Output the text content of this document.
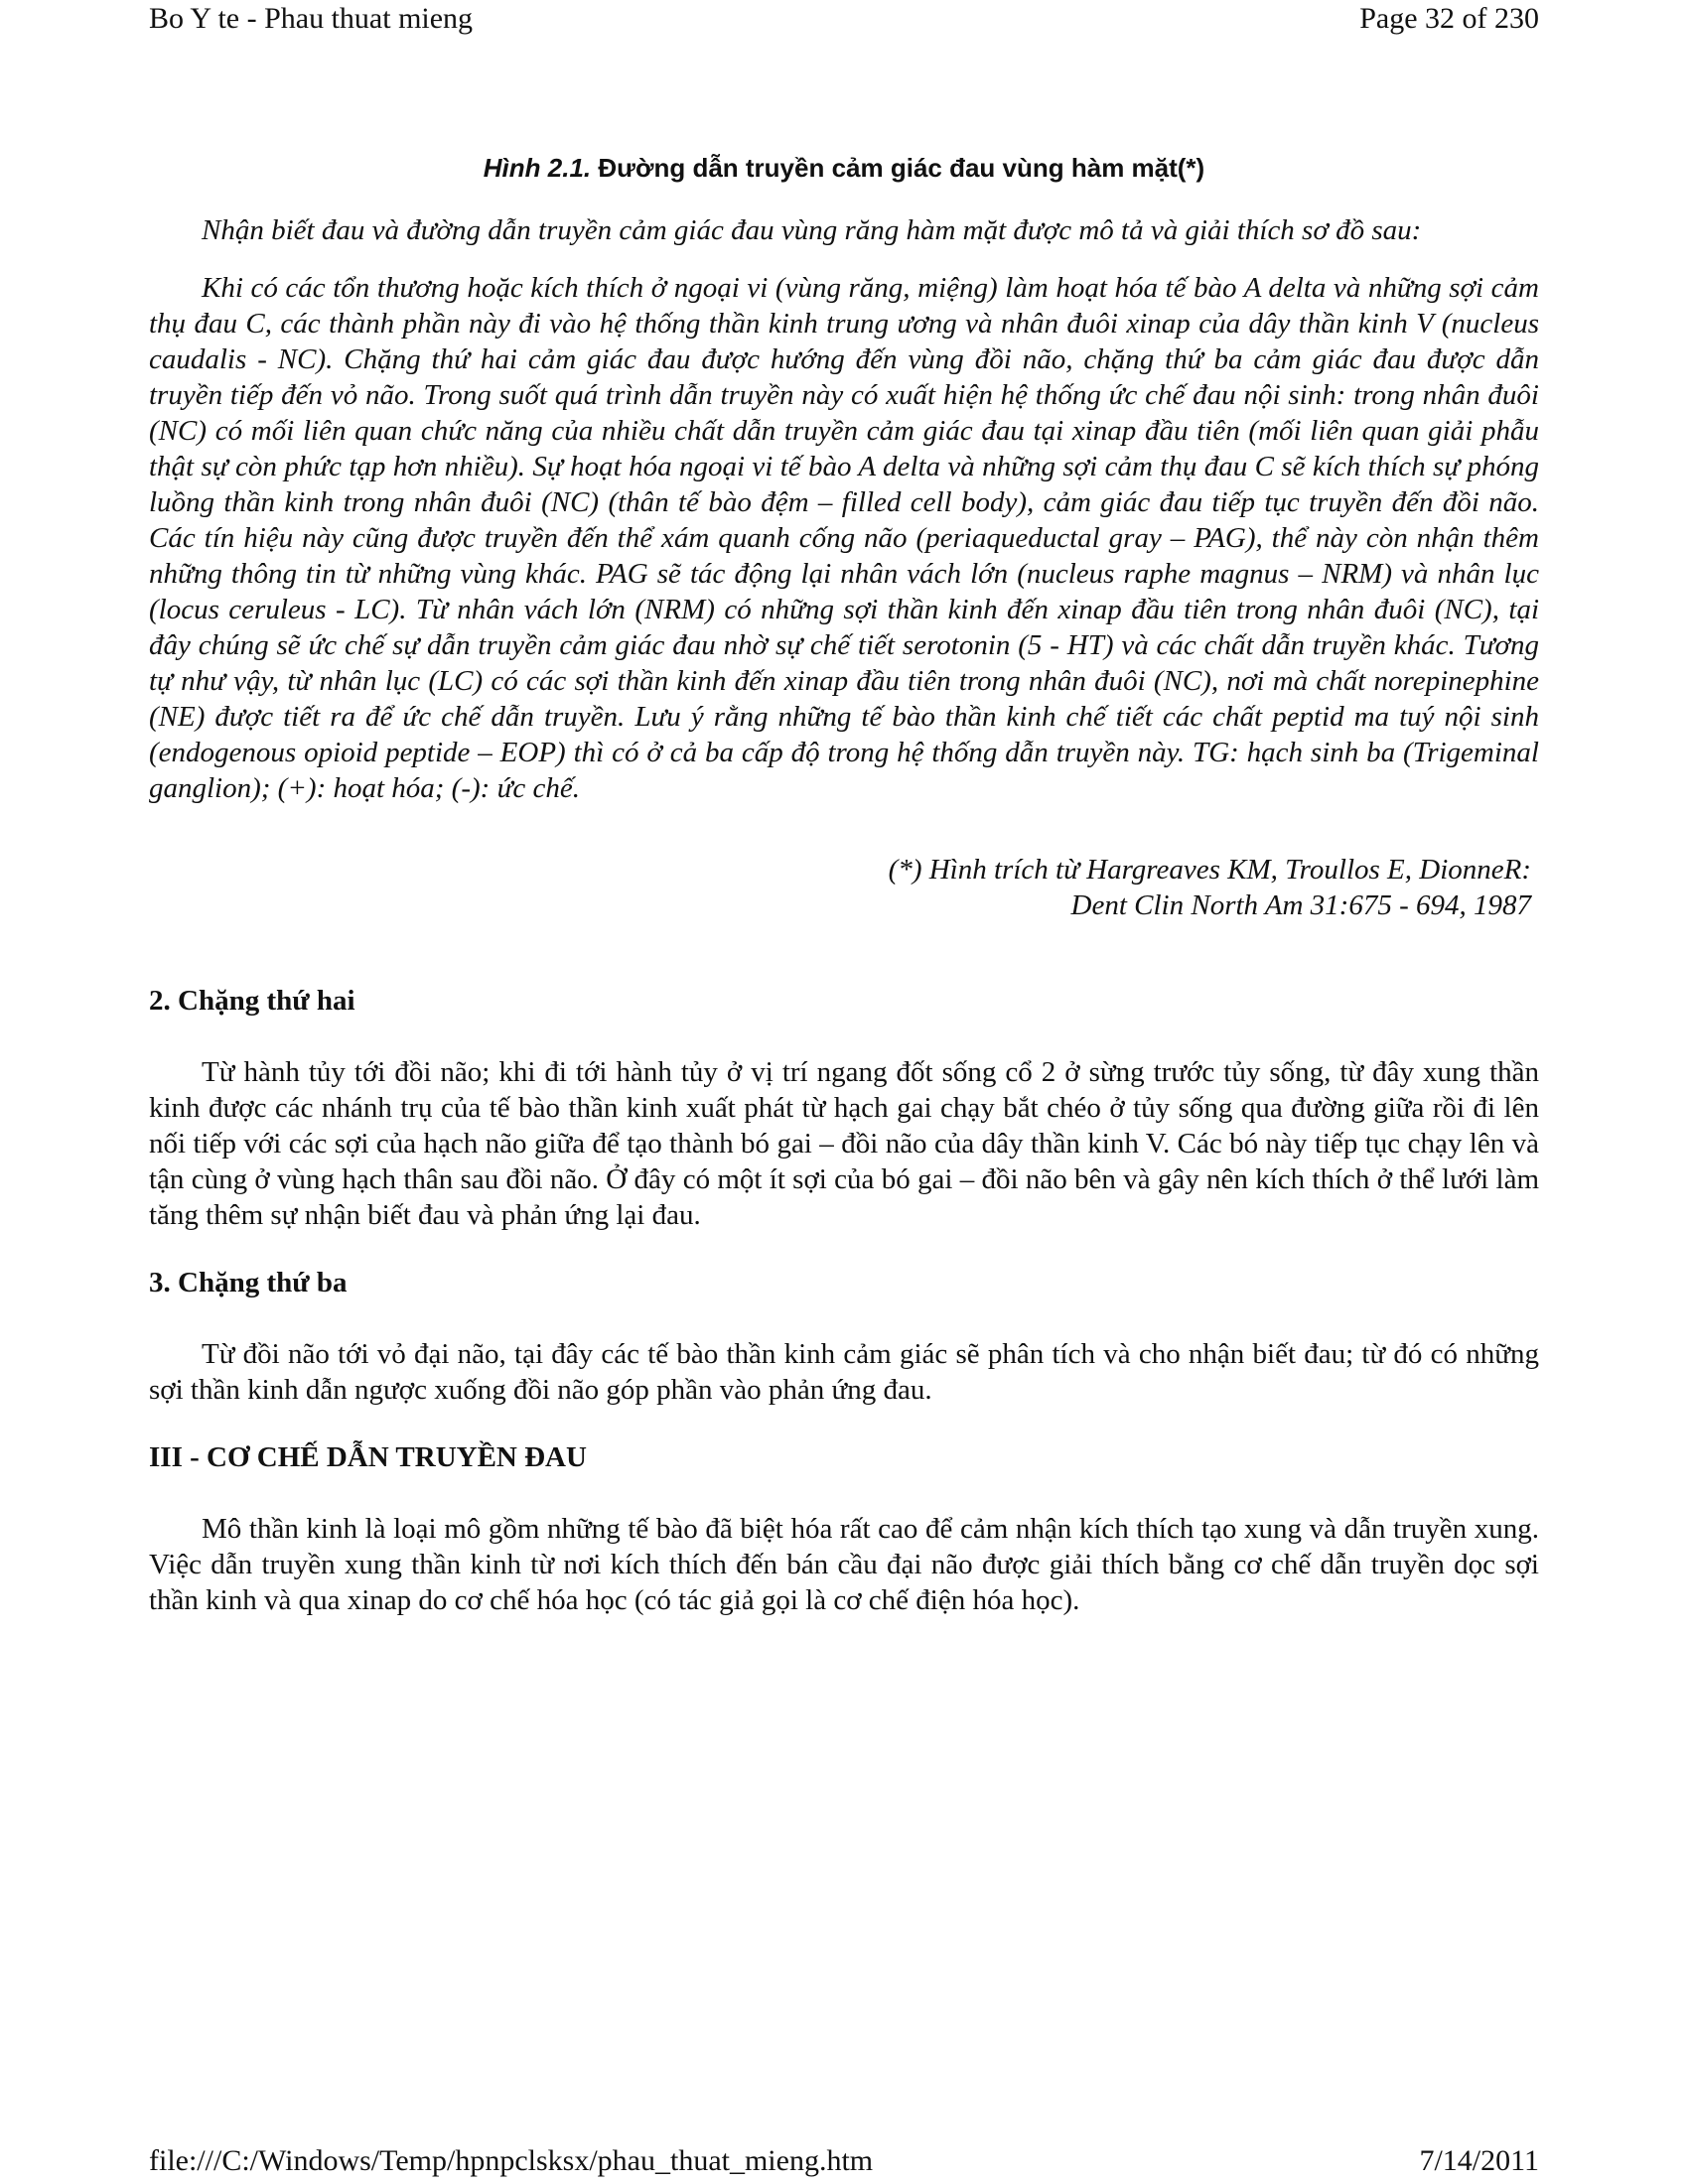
Bo Y te - Phau thuat mieng	Page 32 of 230
Hình 2.1. Đường dẫn truyền cảm giác đau vùng hàm mặt(*)

Nhận biết đau và đường dẫn truyền cảm giác đau vùng răng hàm mặt được mô tả và giải thích sơ đồ sau:

Khi có các tổn thương hoặc kích thích ở ngoại vi (vùng răng, miệng) làm hoạt hóa tế bào A delta và những sợi cảm thụ đau C, các thành phần này đi vào hệ thống thần kinh trung ương và nhân đuôi xinap của dây thần kinh V (nucleus caudalis - NC). Chặng thứ hai cảm giác đau được hướng đến vùng đồi não, chặng thứ ba cảm giác đau được dẫn truyền tiếp đến vỏ não. Trong suốt quá trình dẫn truyền này có xuất hiện hệ thống ức chế đau nội sinh: trong nhân đuôi (NC) có mối liên quan chức năng của nhiều chất dẫn truyền cảm giác đau tại xinap đầu tiên (mối liên quan giải phẫu thật sự còn phức tạp hơn nhiều). Sự hoạt hóa ngoại vi tế bào A delta và những sợi cảm thụ đau C sẽ kích thích sự phóng luồng thần kinh trong nhân đuôi (NC) (thân tế bào đệm – filled cell body), cảm giác đau tiếp tục truyền đến đồi não. Các tín hiệu này cũng được truyền đến thể xám quanh cống não (periaqueductal gray – PAG), thể này còn nhận thêm những thông tin từ những vùng khác. PAG sẽ tác động lại nhân vách lớn (nucleus raphe magnus – NRM) và nhân lục (locus ceruleus - LC). Từ nhân vách lớn (NRM) có những sợi thần kinh đến xinap đầu tiên trong nhân đuôi (NC), tại đây chúng sẽ ức chế sự dẫn truyền cảm giác đau nhờ sự chế tiết serotonin (5 - HT) và các chất dẫn truyền khác. Tương tự như vậy, từ nhân lục (LC) có các sợi thần kinh đến xinap đầu tiên trong nhân đuôi (NC), nơi mà chất norepinephine (NE) được tiết ra để ức chế dẫn truyền. Lưu ý rằng những tế bào thần kinh chế tiết các chất peptid ma tuý nội sinh (endogenous opioid peptide – EOP) thì có ở cả ba cấp độ trong hệ thống dẫn truyền này. TG: hạch sinh ba (Trigeminal ganglion); (+): hoạt hóa; (-): ức chế.

(*) Hình trích từ Hargreaves KM, Troullos E, DionneR:
Dent Clin North Am 31:675 - 694, 1987
2. Chặng thứ hai

Từ hành tủy tới đồi não; khi đi tới hành tủy ở vị trí ngang đốt sống cổ 2 ở sừng trước tủy sống, từ đây xung thần kinh được các nhánh trụ của tế bào thần kinh xuất phát từ hạch gai chạy bắt chéo ở tủy sống qua đường giữa rồi đi lên nối tiếp với các sợi của hạch não giữa để tạo thành bó gai – đồi não của dây thần kinh V. Các bó này tiếp tục chạy lên và tận cùng ở vùng hạch thân sau đồi não. Ở đây có một ít sợi của bó gai – đồi não bên và gây nên kích thích ở thể lưới làm tăng thêm sự nhận biết đau và phản ứng lại đau.

3. Chặng thứ ba

Từ đồi não tới vỏ đại não, tại đây các tế bào thần kinh cảm giác sẽ phân tích và cho nhận biết đau; từ đó có những sợi thần kinh dẫn ngược xuống đồi não góp phần vào phản ứng đau.

III - CƠ CHẾ DẪN TRUYỀN ĐAU

Mô thần kinh là loại mô gồm những tế bào đã biệt hóa rất cao để cảm nhận kích thích tạo xung và dẫn truyền xung. Việc dẫn truyền xung thần kinh từ nơi kích thích đến bán cầu đại não được giải thích bằng cơ chế dẫn truyền dọc sợi thần kinh và qua xinap do cơ chế hóa học (có tác giả gọi là cơ chế điện hóa học).

file:///C:/Windows/Temp/hpnpclsksx/phau_thuat_mieng.htm	7/14/2011
